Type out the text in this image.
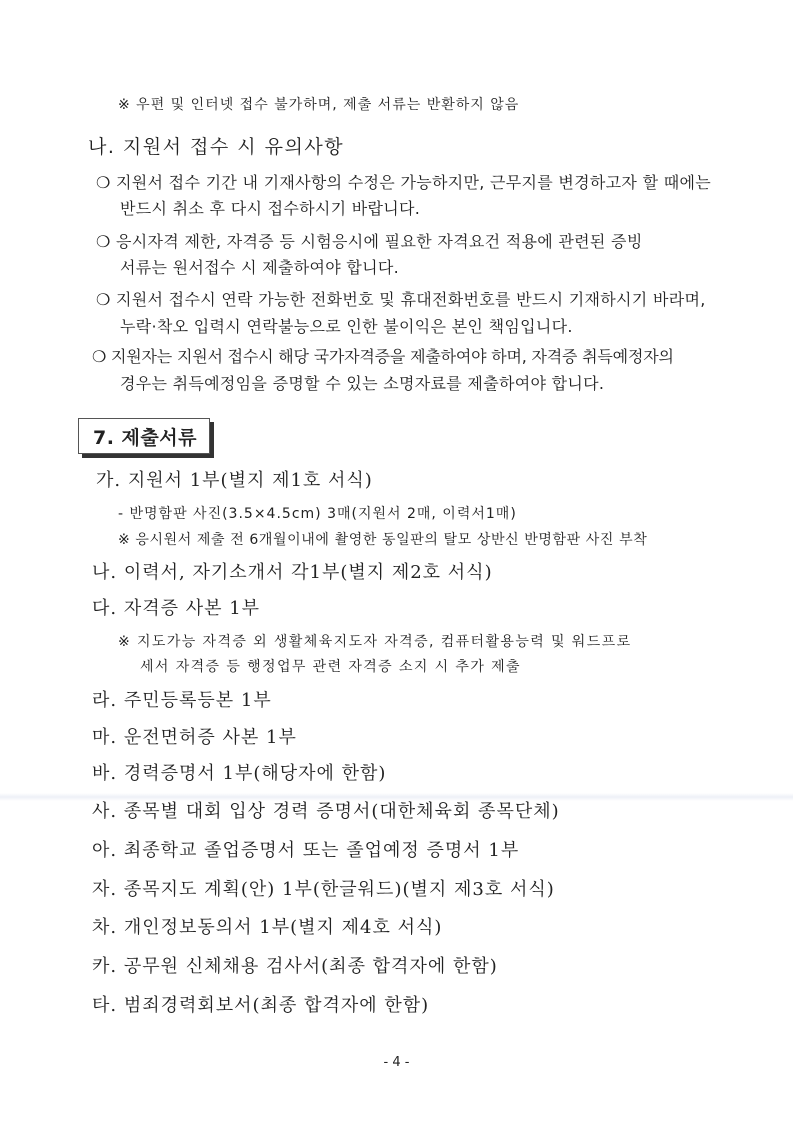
※ 우편 및 인터넷 접수 불가하며, 제출 서류는 반환하지 않음
나. 지원서 접수 시 유의사항
❍ 지원서 접수 기간 내 기재사항의 수정은 가능하지만, 근무지를 변경하고자 할 때에는
반드시 취소 후 다시 접수하시기 바랍니다.
❍ 응시자격 제한, 자격증 등 시험응시에 필요한 자격요건 적용에 관련된 증빙
서류는 원서접수 시 제출하여야 합니다.
❍ 지원서 접수시 연락 가능한 전화번호 및 휴대전화번호를 반드시 기재하시기 바라며,
누락·착오 입력시 연락불능으로 인한 불이익은 본인 책임입니다.
❍ 지원자는 지원서 접수시 해당 국가자격증을 제출하여야 하며, 자격증 취득예정자의
경우는 취득예정임을 증명할 수 있는 소명자료를 제출하여야 합니다.
7. 제출서류
가. 지원서 1부(별지 제1호 서식)
- 반명함판 사진(3.5×4.5cm) 3매(지원서 2매, 이력서1매)
※ 응시원서 제출 전 6개월이내에 촬영한 동일판의 탈모 상반신 반명함판 사진 부착
나. 이력서, 자기소개서 각1부(별지 제2호 서식)
다. 자격증 사본 1부
※ 지도가능 자격증 외 생활체육지도자 자격증, 컴퓨터활용능력 및 워드프로
세서 자격증 등 행정업무 관련 자격증 소지 시 추가 제출
라. 주민등록등본 1부
마. 운전면허증 사본 1부
바. 경력증명서 1부(해당자에 한함)
사. 종목별 대회 입상 경력 증명서(대한체육회 종목단체)
아. 최종학교 졸업증명서 또는 졸업예정 증명서 1부
자. 종목지도 계획(안) 1부(한글워드)(별지 제3호 서식)
차. 개인정보동의서 1부(별지 제4호 서식)
카. 공무원 신체채용 검사서(최종 합격자에 한함)
타. 범죄경력회보서(최종 합격자에 한함)
- 4 -
